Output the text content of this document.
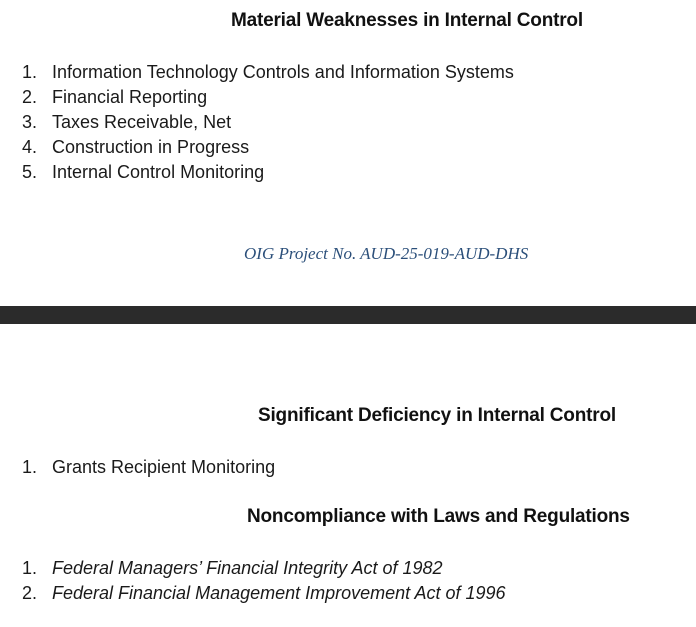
Material Weaknesses in Internal Control
1. Information Technology Controls and Information Systems
2. Financial Reporting
3. Taxes Receivable, Net
4. Construction in Progress
5. Internal Control Monitoring
OIG Project No. AUD-25-019-AUD-DHS
Significant Deficiency in Internal Control
1. Grants Recipient Monitoring
Noncompliance with Laws and Regulations
1. Federal Managers’ Financial Integrity Act of 1982
2. Federal Financial Management Improvement Act of 1996
